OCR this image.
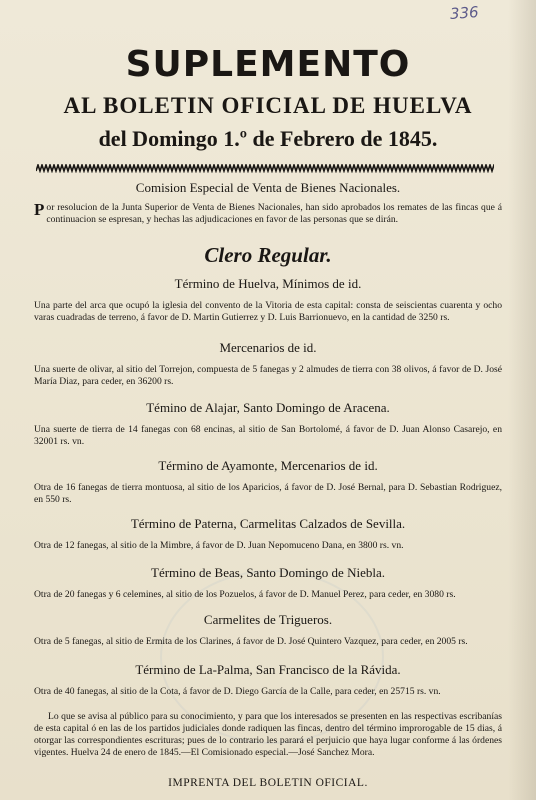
336
SUPLEMENTO
AL BOLETIN OFICIAL DE HUELVA
del Domingo 1.º de Febrero de 1845.
Comision Especial de Venta de Bienes Nacionales.
Por resolucion de la Junta Superior de Venta de Bienes Nacionales, han sido aprobados los remates de las fincas que á continuacion se espresan, y hechas las adjudicaciones en favor de las personas que se dirán.
Clero Regular.
Término de Huelva, Mínimos de id.
Una parte del arca que ocupó la iglesia del convento de la Vitoria de esta capital: consta de seiscientas cuarenta y ocho varas cuadradas de terreno, á favor de D. Martin Gutierrez y D. Luis Barrionuevo, en la cantidad de 3250 rs.
Mercenarios de id.
Una suerte de olivar, al sitio del Torrejon, compuesta de 5 fanegas y 2 almudes de tierra con 38 olivos, á favor de D. José María Diaz, para ceder, en 36200 rs.
Témino de Alajar, Santo Domingo de Aracena.
Una suerte de tierra de 14 fanegas con 68 encinas, al sitio de San Bortolomé, á favor de D. Juan Alonso Casarejo, en 32001 rs. vn.
Término de Ayamonte, Mercenarios de id.
Otra de 16 fanegas de tierra montuosa, al sitio de los Aparicios, á favor de D. José Bernal, para D. Sebastian Rodriguez, en 550 rs.
Término de Paterna, Carmelitas Calzados de Sevilla.
Otra de 12 fanegas, al sitio de la Mimbre, á favor de D. Juan Nepomuceno Dana, en 3800 rs. vn.
Término de Beas, Santo Domingo de Niebla.
Otra de 20 fanegas y 6 celemines, al sitio de los Pozuelos, á favor de D. Manuel Perez, para ceder, en 3080 rs.
Carmelites de Trigueros.
Otra de 5 fanegas, al sitio de Ermita de los Clarines, á favor de D. José Quintero Vazquez, para ceder, en 2005 rs.
Término de La-Palma, San Francisco de la Rávida.
Otra de 40 fanegas, al sitio de la Cota, á favor de D. Diego García de la Calle, para ceder, en 25715 rs. vn.
Lo que se avisa al público para su conocimiento, y para que los interesados se presenten en las respectivas escribanías de esta capital ó en las de los partidos judiciales donde radiquen las fincas, dentro del término improrogable de 15 dias, á otorgar las correspondientes escrituras; pues de lo contrario les parará el perjuicio que haya lugar conforme á las órdenes vigentes. Huelva 24 de enero de 1845.—El Comisionado especial.—José Sanchez Mora.
IMPRENTA DEL BOLETIN OFICIAL.
